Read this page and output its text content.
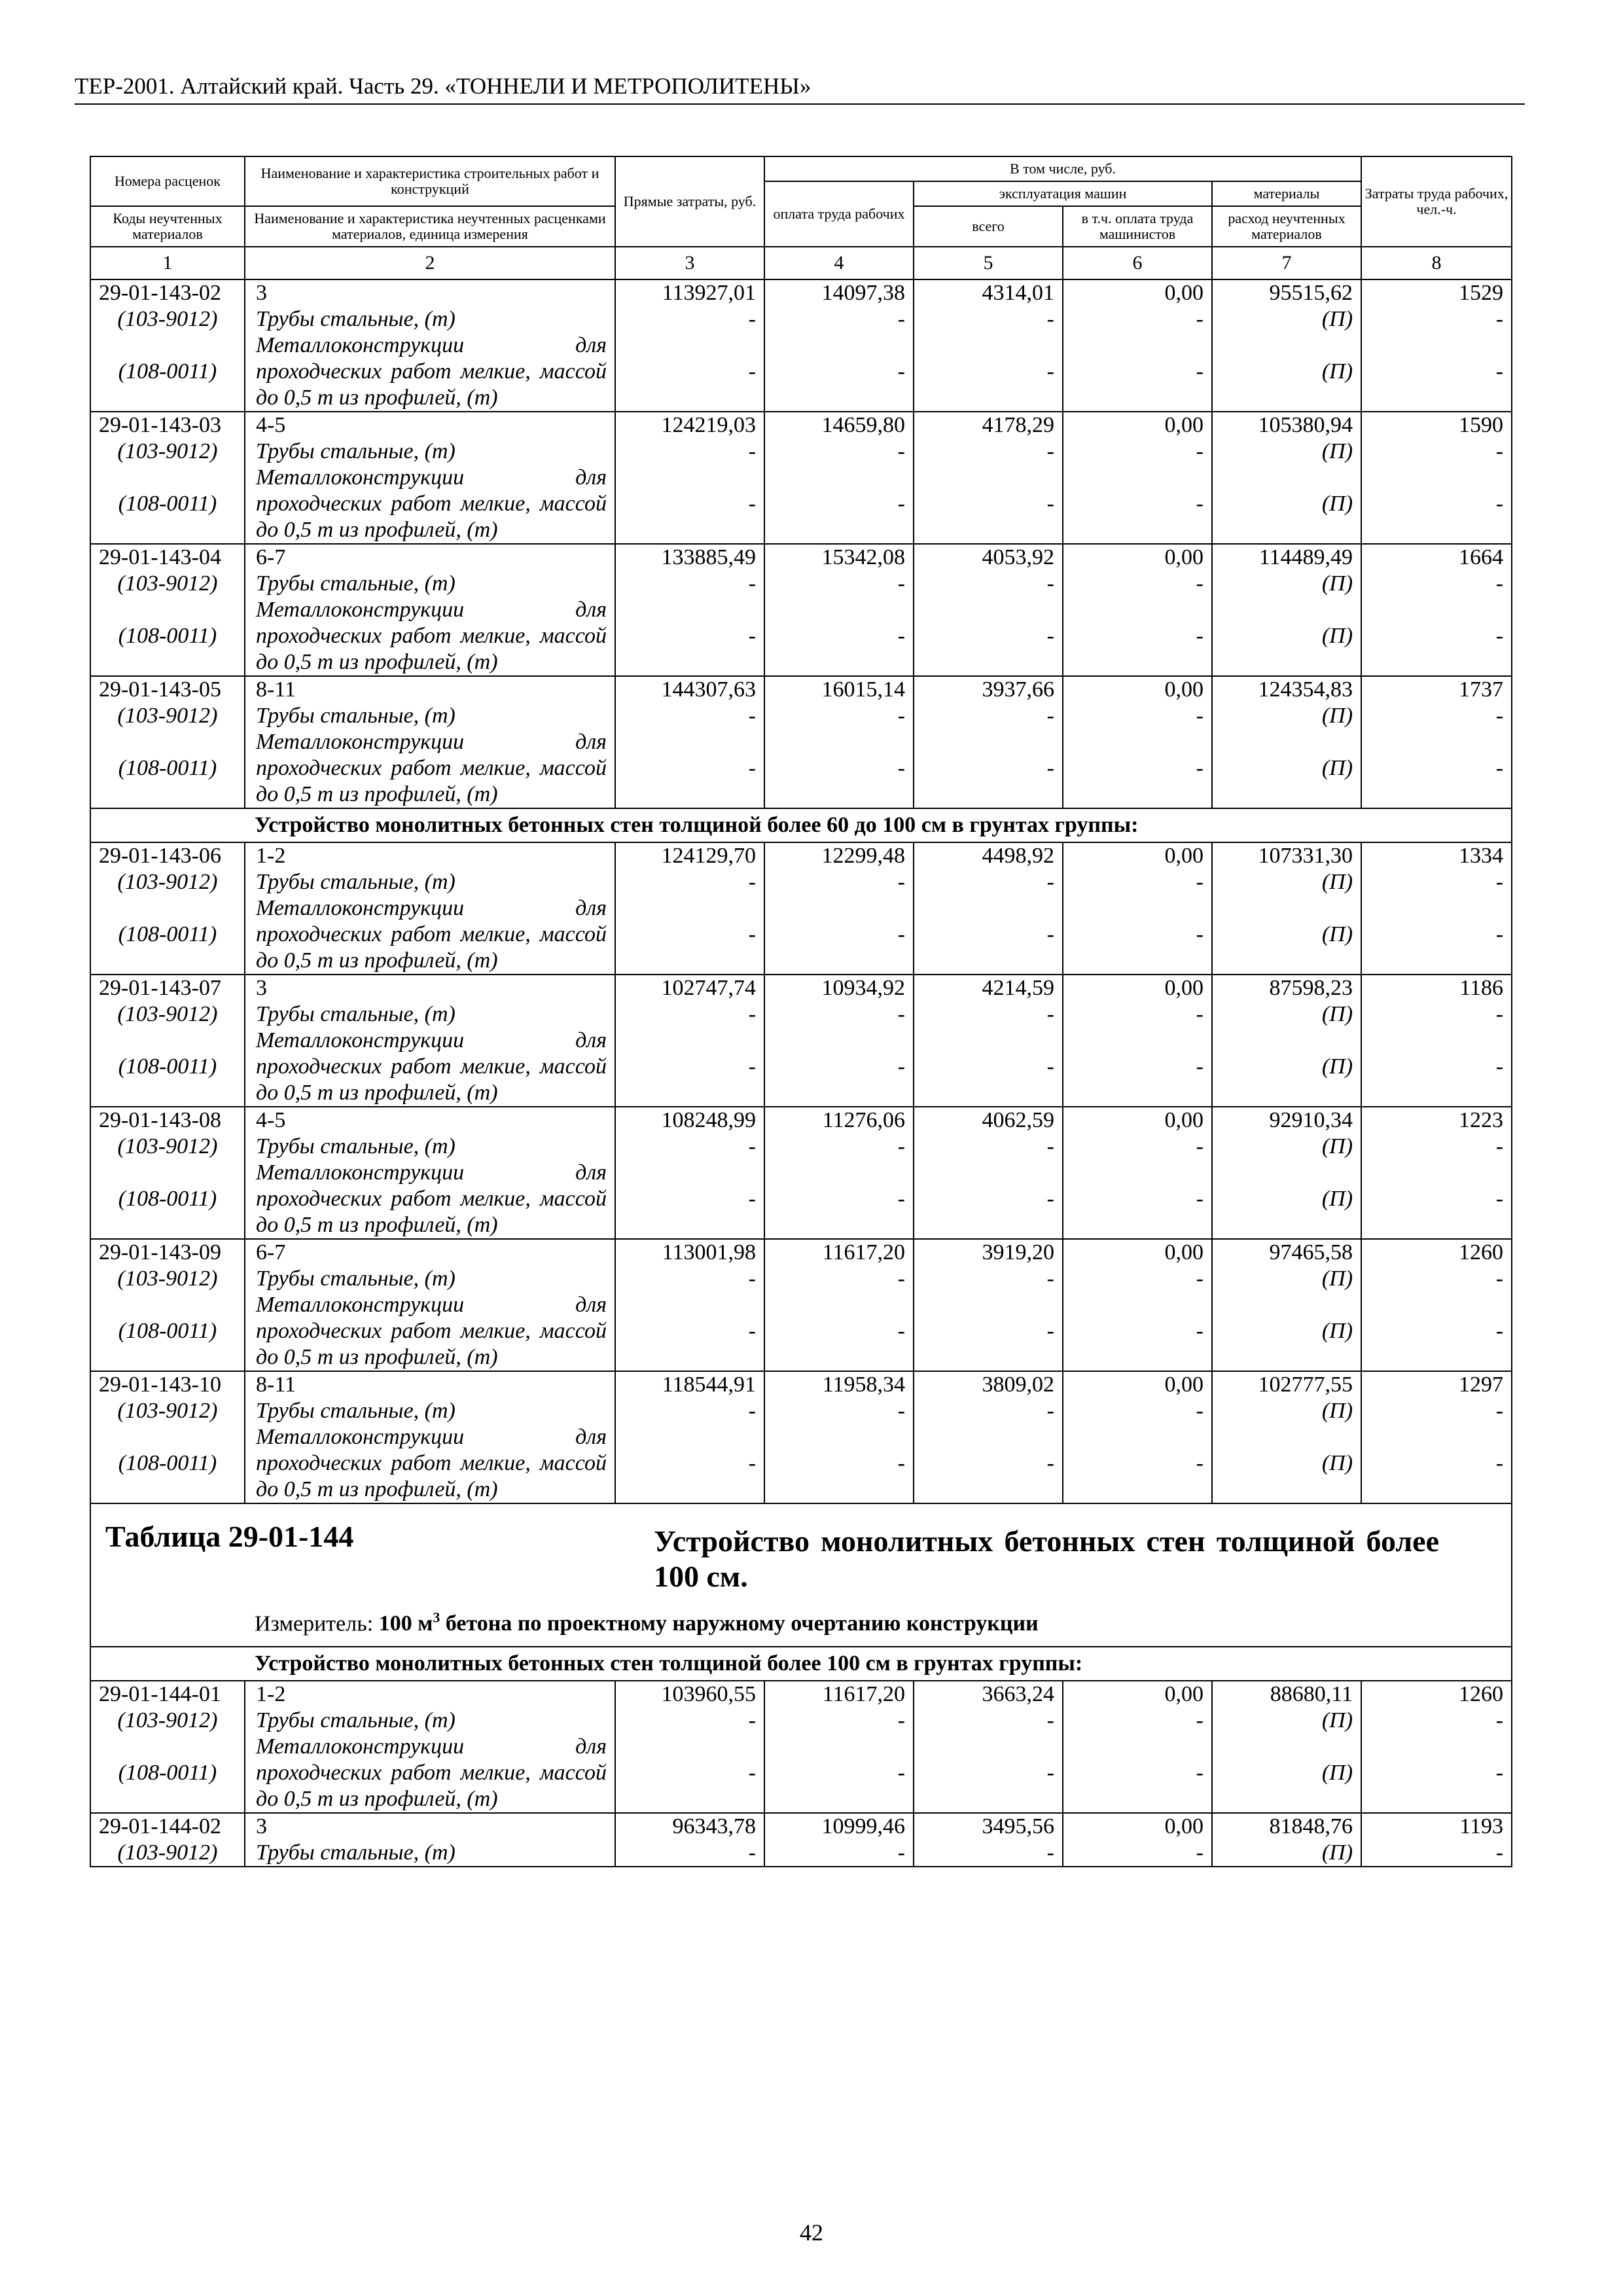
ТЕР-2001. Алтайский край. Часть 29. «ТОННЕЛИ И МЕТРОПОЛИТЕНЫ»
Номера расценок	Наименование и характеристика строительных работ и конструкций	Прямые затраты, руб.	В том числе, руб.				Затраты труда рабочих, чел.-ч.
			оплата труда рабочих	эксплуатация машин		материалы	
Коды неучтенных материалов	Наименование и характеристика неучтенных расценками материалов, единица измерения			всего	в т.ч. оплата труда машинистов	расход неучтенных материалов	

1	2	3	4	5	6	7	8
29-01-143-02	3	113927,01	14097,38	4314,01	0,00	95515,62	1529
(103-9012)	Трубы стальные, (т)	-	-	-	-	(П)	-
(108-0011)	Металлоконструкции для проходческих работ мелкие, массой до 0,5 т из профилей, (т)	-	-	-	-	(П)	-
29-01-143-03	4-5	124219,03	14659,80	4178,29	0,00	105380,94	1590
(103-9012)	Трубы стальные, (т)	-	-	-	-	(П)	-
(108-0011)	Металлоконструкции для проходческих работ мелкие, массой до 0,5 т из профилей, (т)	-	-	-	-	(П)	-
29-01-143-04	6-7	133885,49	15342,08	4053,92	0,00	114489,49	1664
(103-9012)	Трубы стальные, (т)	-	-	-	-	(П)	-
(108-0011)	Металлоконструкции для проходческих работ мелкие, массой до 0,5 т из профилей, (т)	-	-	-	-	(П)	-
29-01-143-05	8-11	144307,63	16015,14	3937,66	0,00	124354,83	1737
(103-9012)	Трубы стальные, (т)	-	-	-	-	(П)	-
(108-0011)	Металлоконструкции для проходческих работ мелкие, массой до 0,5 т из профилей, (т)	-	-	-	-	(П)	-
Устройство монолитных бетонных стен толщиной более 60 до 100 см в грунтах группы:							
29-01-143-06	1-2	124129,70	12299,48	4498,92	0,00	107331,30	1334
(103-9012)	Трубы стальные, (т)	-	-	-	-	(П)	-
(108-0011)	Металлоконструкции для проходческих работ мелкие, массой до 0,5 т из профилей, (т)	-	-	-	-	(П)	-
29-01-143-07	3	102747,74	10934,92	4214,59	0,00	87598,23	1186
(103-9012)	Трубы стальные, (т)	-	-	-	-	(П)	-
(108-0011)	Металлоконструкции для проходческих работ мелкие, массой до 0,5 т из профилей, (т)	-	-	-	-	(П)	-
29-01-143-08	4-5	108248,99	11276,06	4062,59	0,00	92910,34	1223
(103-9012)	Трубы стальные, (т)	-	-	-	-	(П)	-
(108-0011)	Металлоконструкции для проходческих работ мелкие, массой до 0,5 т из профилей, (т)	-	-	-	-	(П)	-
29-01-143-09	6-7	113001,98	11617,20	3919,20	0,00	97465,58	1260
(103-9012)	Трубы стальные, (т)	-	-	-	-	(П)	-
(108-0011)	Металлоконструкции для проходческих работ мелкие, массой до 0,5 т из профилей, (т)	-	-	-	-	(П)	-
29-01-143-10	8-11	118544,91	11958,34	3809,02	0,00	102777,55	1297
(103-9012)	Трубы стальные, (т)	-	-	-	-	(П)	-
(108-0011)	Металлоконструкции для проходческих работ мелкие, массой до 0,5 т из профилей, (т)	-	-	-	-	(П)	-

Таблица 29-01-144 Устройство монолитных бетонных стен толщиной более 100 см.
Измеритель: 100 $м^3$ бетона по проектному наружному очертанию конструкции							

Устройство монолитных бетонных стен толщиной более 100 см в грунтах группы:							
29-01-144-01	1-2	103960,55	11617,20	3663,24	0,00	88680,11	1260
(103-9012)	Трубы стальные, (т)	-	-	-	-	(П)	-
(108-0011)	Металлоконструкции для проходческих работ мелкие, массой до 0,5 т из профилей, (т)	-	-	-	-	(П)	-
29-01-144-02	3	96343,78	10999,46	3495,56	0,00	81848,76	1193
(103-9012)	Трубы стальные, (т)	-	-	-	-	(П)	-
42
